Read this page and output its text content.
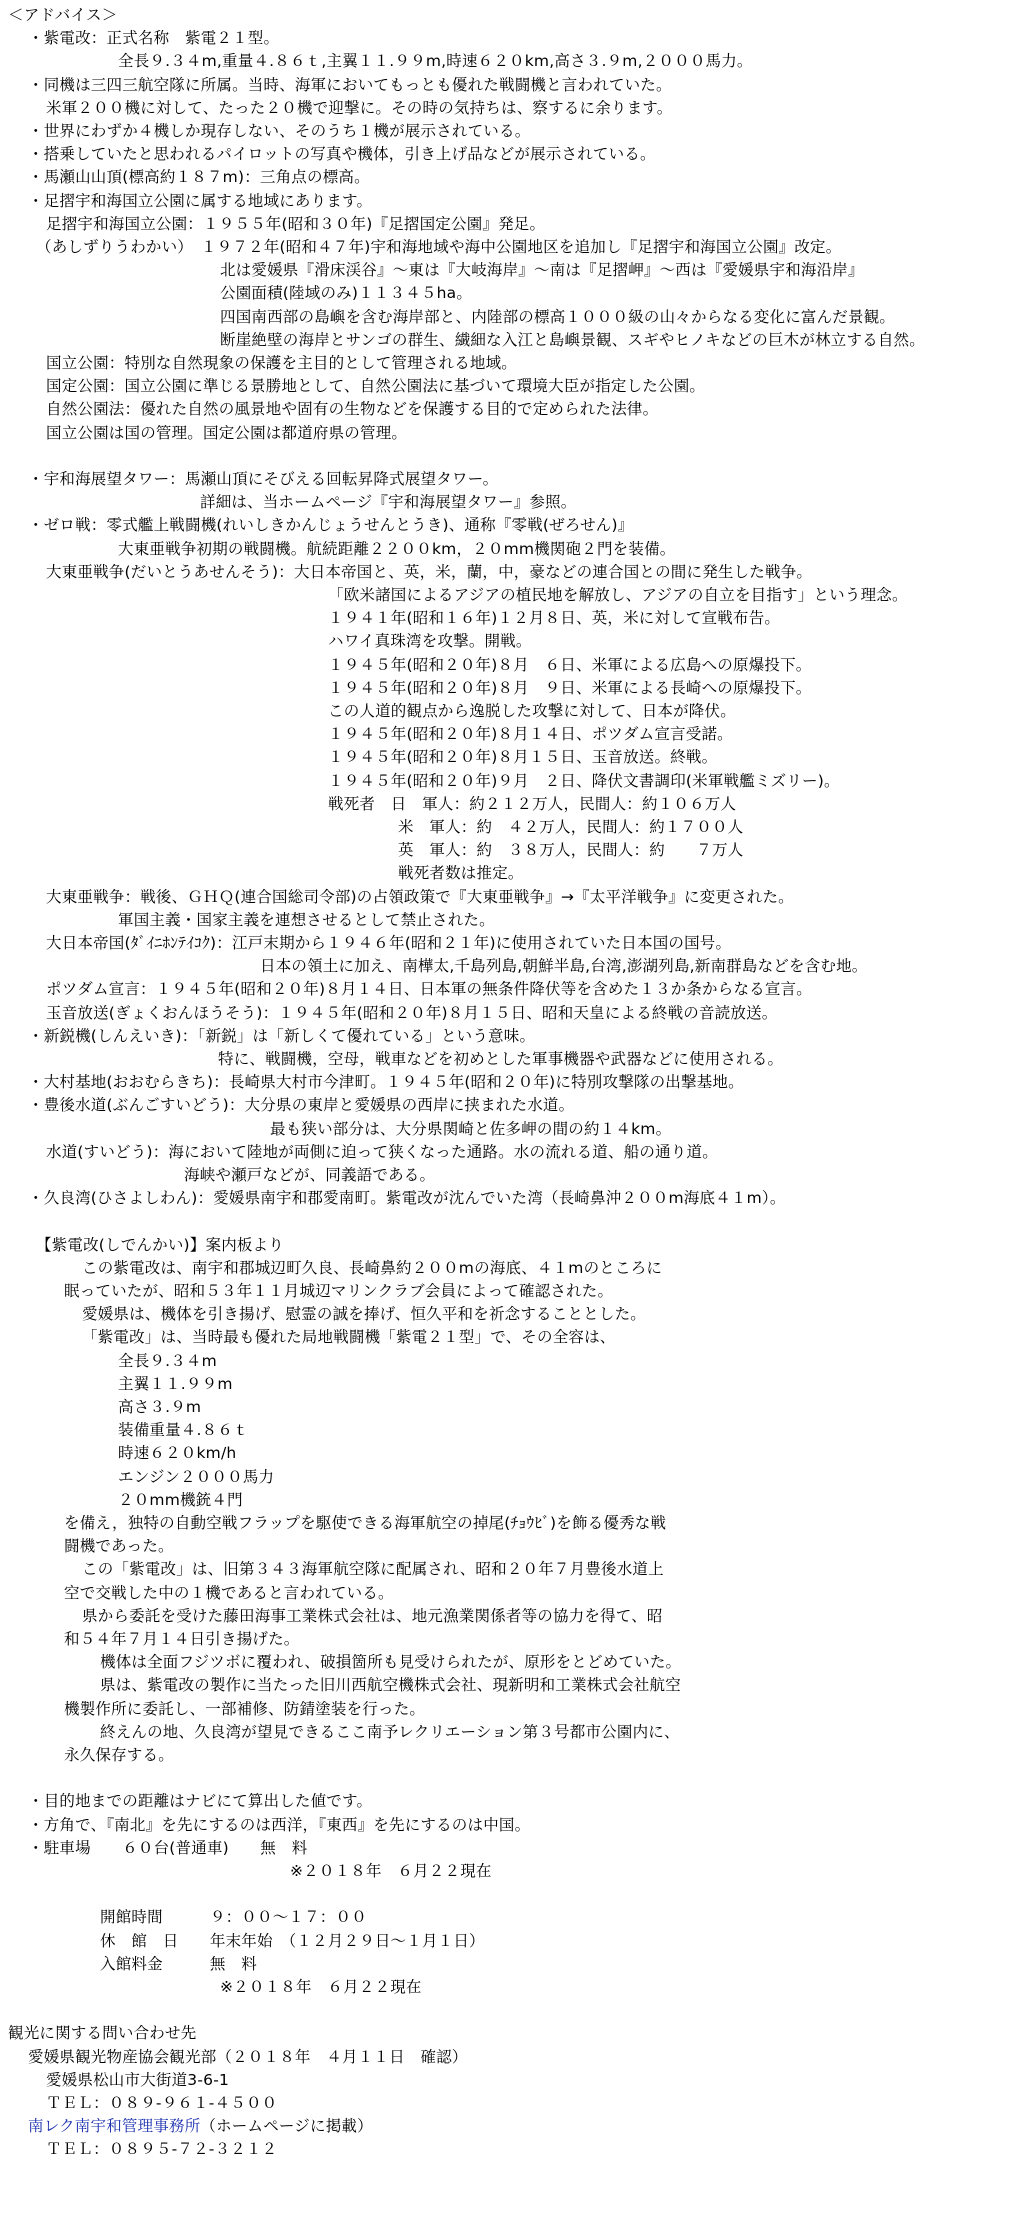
＜アドバイス＞
・紫電改：正式名称　紫電２１型。
全長９.３４m,重量４.８６ｔ,主翼１１.９９m,時速６２０km,高さ３.９m,２０００馬力。
・同機は三四三航空隊に所属。当時、海軍においてもっとも優れた戦闘機と言われていた。
米軍２００機に対して、たった２０機で迎撃に。その時の気持ちは、察するに余ります。
・世界にわずか４機しか現存しない、そのうち１機が展示されている。
・搭乗していたと思われるパイロットの写真や機体，引き上げ品などが展示されている。
・馬瀬山山頂(標高約１８７m)：三角点の標高。
・足摺宇和海国立公園に属する地域にあります。
足摺宇和海国立公園：１９５５年(昭和３０年)『足摺国定公園』発足。
（あしずりうわかい）　１９７２年(昭和４７年)宇和海地域や海中公園地区を追加し『足摺宇和海国立公園』改定。
北は愛媛県『滑床渓谷』～東は『大岐海岸』～南は『足摺岬』～西は『愛媛県宇和海沿岸』
公園面積(陸域のみ)１１３４５ha。
四国南西部の島嶼を含む海岸部と、内陸部の標高１０００級の山々からなる変化に富んだ景観。
断崖絶壁の海岸とサンゴの群生、繊細な入江と島嶼景観、スギやヒノキなどの巨木が林立する自然。
国立公園：特別な自然現象の保護を主目的として管理される地域。
国定公園：国立公園に準じる景勝地として、自然公園法に基づいて環境大臣が指定した公園。
自然公園法：優れた自然の風景地や固有の生物などを保護する目的で定められた法律。
国立公園は国の管理。国定公園は都道府県の管理。
・宇和海展望タワー：馬瀬山頂にそびえる回転昇降式展望タワー。
詳細は、当ホームページ『宇和海展望タワー』参照。
・ゼロ戦：零式艦上戦闘機(れいしきかんじょうせんとうき)、通称『零戦(ぜろせん)』
大東亜戦争初期の戦闘機。航続距離２２００km，２０mm機関砲２門を装備。
大東亜戦争(だいとうあせんそう)：大日本帝国と、英，米，蘭，中，豪などの連合国との間に発生した戦争。
「欧米諸国によるアジアの植民地を解放し、アジアの自立を目指す」という理念。
１９４１年(昭和１６年)１２月８日、英，米に対して宣戦布告。
ハワイ真珠湾を攻撃。開戦。
１９４５年(昭和２０年)８月　６日、米軍による広島への原爆投下。
１９４５年(昭和２０年)８月　９日、米軍による長崎への原爆投下。
この人道的観点から逸脱した攻撃に対して、日本が降伏。
１９４５年(昭和２０年)８月１４日、ポツダム宣言受諾。
１９４５年(昭和２０年)８月１５日、玉音放送。終戦。
１９４５年(昭和２０年)９月　２日、降伏文書調印(米軍戦艦ミズリー)。
戦死者　日　軍人：約２１２万人，民間人：約１０６万人
米　軍人：約　４２万人，民間人：約１７００人
英　軍人：約　３８万人，民間人：約　　７万人
戦死者数は推定。
大東亜戦争：戦後、ＧＨＱ(連合国総司令部)の占領政策で『大東亜戦争』→『太平洋戦争』に変更された。
軍国主義・国家主義を連想させるとして禁止された。
大日本帝国(ﾀﾞｲﾆﾎﾝﾃｲｺｸ)：江戸末期から１９４６年(昭和２１年)に使用されていた日本国の国号。
日本の領土に加え、南樺太,千島列島,朝鮮半島,台湾,澎湖列島,新南群島などを含む地。
ポツダム宣言：１９４５年(昭和２０年)８月１４日、日本軍の無条件降伏等を含めた１３か条からなる宣言。
玉音放送(ぎょくおんほうそう)：１９４５年(昭和２０年)８月１５日、昭和天皇による終戦の音読放送。
・新鋭機(しんえいき)：「新鋭」は「新しくて優れている」という意味。
特に、戦闘機，空母，戦車などを初めとした軍事機器や武器などに使用される。
・大村基地(おおむらきち)：長崎県大村市今津町。１９４５年(昭和２０年)に特別攻撃隊の出撃基地。
・豊後水道(ぶんごすいどう)：大分県の東岸と愛媛県の西岸に挟まれた水道。
最も狭い部分は、大分県関崎と佐多岬の間の約１４km。
水道(すいどう)：海において陸地が両側に迫って狭くなった通路。水の流れる道、船の通り道。
海峡や瀬戸などが、同義語である。
・久良湾(ひさよしわん)：愛媛県南宇和郡愛南町。紫電改が沈んでいた湾（長崎鼻沖２００m海底４１m）。
【紫電改(しでんかい)】案内板より
この紫電改は、南宇和郡城辺町久良、長崎鼻約２００mの海底、４１mのところに
眠っていたが、昭和５３年１１月城辺マリンクラブ会員によって確認された。
愛媛県は、機体を引き揚げ、慰霊の誠を捧げ、恒久平和を祈念することとした。
「紫電改」は、当時最も優れた局地戦闘機「紫電２１型」で、その全容は、
全長９.３４m
主翼１１.９９m
高さ３.９m
装備重量４.８６ｔ
時速６２０km/h
エンジン２０００馬力
２０mm機銃４門
を備え，独特の自動空戦フラップを駆使できる海軍航空の掉尾(ﾁｮｳﾋﾞ)を飾る優秀な戦
闘機であった。
この「紫電改」は、旧第３４３海軍航空隊に配属され、昭和２０年７月豊後水道上
空で交戦した中の１機であると言われている。
県から委託を受けた藤田海事工業株式会社は、地元漁業関係者等の協力を得て、昭
和５４年７月１４日引き揚げた。
機体は全面フジツボに覆われ、破損箇所も見受けられたが、原形をとどめていた。
県は、紫電改の製作に当たった旧川西航空機株式会社、現新明和工業株式会社航空
機製作所に委託し、一部補修、防錆塗装を行った。
終えんの地、久良湾が望見できるここ南予レクリエーション第３号都市公園内に、
永久保存する。
・目的地までの距離はナビにて算出した値です。
・方角で、『南北』を先にするのは西洋，『東西』を先にするのは中国。
・駐車場　　６０台(普通車)　　無　料
※２０１８年　６月２２現在
開館時間　　　９：００～１７：００
休　館　日　　年末年始　（１２月２９日～１月１日）
入館料金　　　無　料
※２０１８年　６月２２現在
観光に関する問い合わせ先
愛媛県観光物産協会観光部（２０１８年　４月１１日　確認）
愛媛県松山市大街道3-6-1
ＴＥＬ：０８９-９６１-４５００
南レク南宇和管理事務所（ホームページに掲載）
ＴＥＬ：０８９５-７２-３２１２
